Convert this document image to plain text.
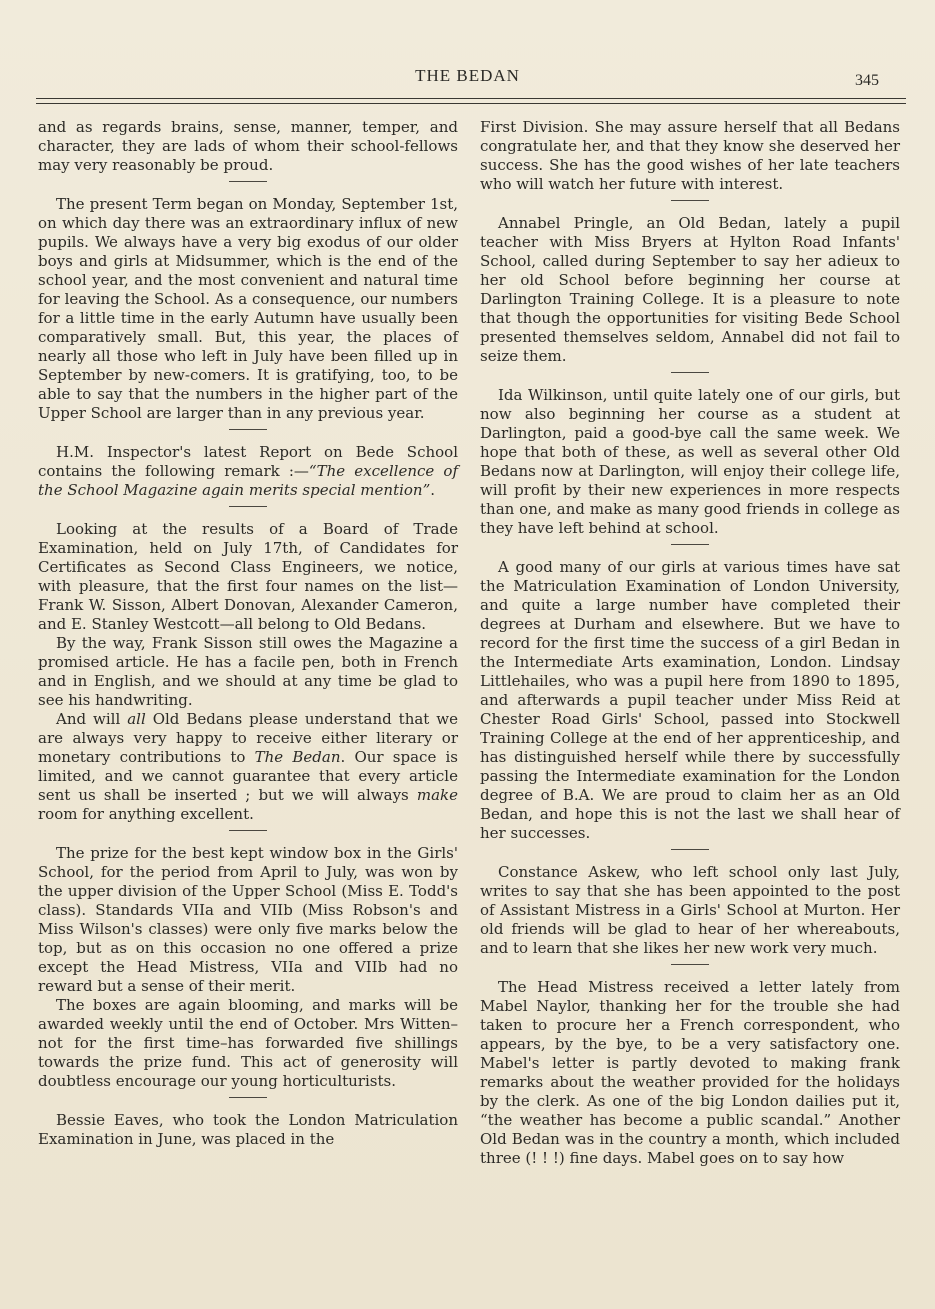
THE BEDAN	345

and as regards brains, sense, manner, temper, and character, they are lads of whom their school-fellows may very reasonably be proud.

The present Term began on Monday, September 1st, on which day there was an extraordinary influx of new pupils. We always have a very big exodus of our older boys and girls at Midsummer, which is the end of the school year, and the most convenient and natural time for leaving the School. As a consequence, our numbers for a little time in the early Autumn have usually been comparatively small. But, this year, the places of nearly all those who left in July have been filled up in September by new-comers. It is gratifying, too, to be able to say that the numbers in the higher part of the Upper School are larger than in any previous year.

H.M. Inspector's latest Report on Bede School contains the following remark :—“The excellence of the School Magazine again merits special mention”.

Looking at the results of a Board of Trade Examination, held on July 17th, of Candidates for Certificates as Second Class Engineers, we notice, with pleasure, that the first four names on the list—Frank W. Sisson, Albert Donovan, Alexander Cameron, and E. Stanley Westcott—all belong to Old Bedans.

By the way, Frank Sisson still owes the Magazine a promised article. He has a facile pen, both in French and in English, and we should at any time be glad to see his handwriting.

And will all Old Bedans please understand that we are always very happy to receive either literary or monetary contributions to The Bedan. Our space is limited, and we cannot guarantee that every article sent us shall be inserted ; but we will always make room for anything excellent.

The prize for the best kept window box in the Girls' School, for the period from April to July, was won by the upper division of the Upper School (Miss E. Todd's class). Standards VIIa and VIIb (Miss Robson's and Miss Wilson's classes) were only five marks below the top, but as on this occasion no one offered a prize except the Head Mistress, VIIa and VIIb had no reward but a sense of their merit.

The boxes are again blooming, and marks will be awarded weekly until the end of October. Mrs Witten–not for the first time–has forwarded five shillings towards the prize fund. This act of generosity will doubtless encourage our young horticulturists.

Bessie Eaves, who took the London Matriculation Examination in June, was placed in the

First Division. She may assure herself that all Bedans congratulate her, and that they know she deserved her success. She has the good wishes of her late teachers who will watch her future with interest.

Annabel Pringle, an Old Bedan, lately a pupil teacher with Miss Bryers at Hylton Road Infants' School, called during September to say her adieux to her old School before beginning her course at Darlington Training College. It is a pleasure to note that though the opportunities for visiting Bede School presented themselves seldom, Annabel did not fail to seize them.

Ida Wilkinson, until quite lately one of our girls, but now also beginning her course as a student at Darlington, paid a good-bye call the same week. We hope that both of these, as well as several other Old Bedans now at Darlington, will enjoy their college life, will profit by their new experiences in more respects than one, and make as many good friends in college as they have left behind at school.

A good many of our girls at various times have sat the Matriculation Examination of London University, and quite a large number have completed their degrees at Durham and elsewhere. But we have to record for the first time the success of a girl Bedan in the Intermediate Arts examination, London. Lindsay Littlehailes, who was a pupil here from 1890 to 1895, and afterwards a pupil teacher under Miss Reid at Chester Road Girls' School, passed into Stockwell Training College at the end of her apprenticeship, and has distinguished herself while there by successfully passing the Intermediate examination for the London degree of B.A. We are proud to claim her as an Old Bedan, and hope this is not the last we shall hear of her successes.

Constance Askew, who left school only last July, writes to say that she has been appointed to the post of Assistant Mistress in a Girls' School at Murton. Her old friends will be glad to hear of her whereabouts, and to learn that she likes her new work very much.

The Head Mistress received a letter lately from Mabel Naylor, thanking her for the trouble she had taken to procure her a French correspondent, who appears, by the bye, to be a very satisfactory one. Mabel's letter is partly devoted to making frank remarks about the weather provided for the holidays by the clerk. As one of the big London dailies put it, “the weather has become a public scandal.” Another Old Bedan was in the country a month, which included three (! ! !) fine days. Mabel goes on to say how
